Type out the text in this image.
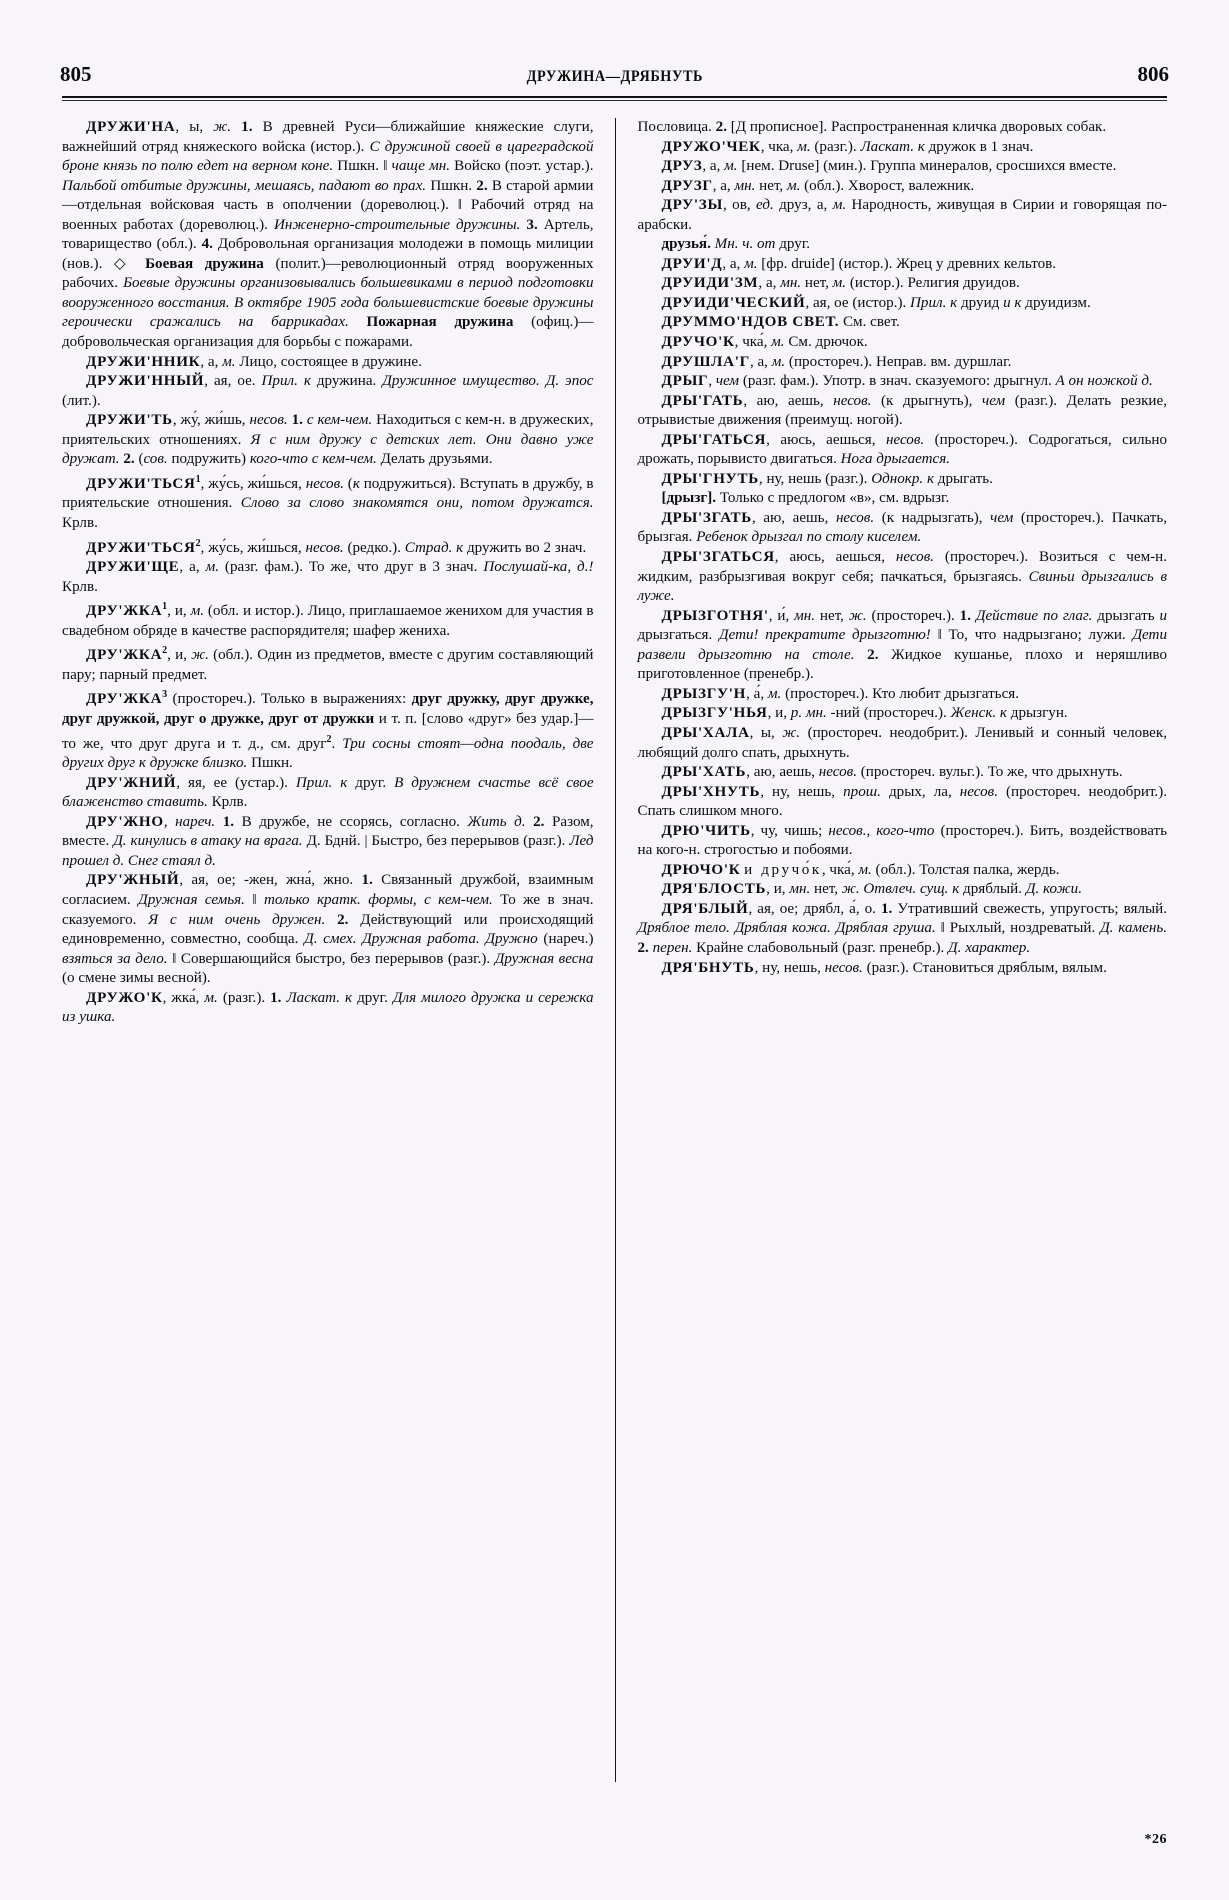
805	ДРУЖИНА—ДРЯБНУТЬ	806

ДРУЖИ'НА, ы, ж. 1. В древней Руси—ближайшие княжеские слуги, важнейший отряд княжеского войска (истор.). С дружиной своей в цареградской броне князь по полю едет на верном коне. Пшкн. ‖ чаще мн. Войско (поэт. устар.). Пальбой отбитые дружины, мешаясь, падают во прах. Пшкн. 2. В старой армии—отдельная войсковая часть в ополчении (дореволюц.). ‖ Рабочий отряд на военных работах (дореволюц.). Инженерно-строительные дружины. 3. Артель, товарищество (обл.). 4. Добровольная организация молодежи в помощь милиции (нов.). ◇ Боевая дружина (полит.)—революционный отряд вооруженных рабочих. Боевые дружины организовывались большевиками в период подготовки вооруженного восстания. В октябре 1905 года большевистские боевые дружины героически сражались на баррикадах. Пожарная дружина (офиц.)—добровольческая организация для борьбы с пожарами.

ДРУЖИ'ННИК, а, м. Лицо, состоящее в дружине.

ДРУЖИ'ННЫЙ, ая, ое. Прил. к дружина. Дружинное имущество. Д. эпос (лит.).

ДРУЖИ'ТЬ, жу́, жи́шь, несов. 1. с кем-чем. Находиться с кем-н. в дружеских, приятельских отношениях. Я с ним дружу с детских лет. Они давно уже дружат. 2. (сов. подружить) кого-что с кем-чем. Делать друзьями.

ДРУЖИ'ТЬСЯ$^1$, жу́сь, жи́шься, несов. (к подружиться). Вступать в дружбу, в приятельские отношения. Слово за слово знакомятся они, потом дружатся. Крлв.

ДРУЖИ'ТЬСЯ$^2$, жу́сь, жи́шься, несов. (редко.). Страд. к дружить во 2 знач.

ДРУЖИ'ЩЕ, а, м. (разг. фам.). То же, что друг в 3 знач. Послушай-ка, д.! Крлв.

ДРУ'ЖКА$^1$, и, м. (обл. и истор.). Лицо, приглашаемое женихом для участия в свадебном обряде в качестве распорядителя; шафер жениха.

ДРУ'ЖКА$^2$, и, ж. (обл.). Один из предметов, вместе с другим составляющий пару; парный предмет.

ДРУ'ЖКА$^3$ (простореч.). Только в выражениях: друг дружку, друг дружке, друг дружкой, друг о дружке, друг от дружки и т. п. [слово «друг» без удар.]—то же, что друг друга и т. д., см. друг$^2$. Три сосны стоят—одна поодаль, две других друг к дружке близко. Пшкн.

ДРУ'ЖНИЙ, яя, ее (устар.). Прил. к друг. В дружнем счастье всё свое блаженство ставить. Крлв.

ДРУ'ЖНО, нареч. 1. В дружбе, не ссорясь, согласно. Жить д. 2. Разом, вместе. Д. кинулись в атаку на врага. Д. Бднй. | Быстро, без перерывов (разг.). Лед прошел д. Снег стаял д.

ДРУ'ЖНЫЙ, ая, ое; -жен, жна́, жно. 1. Связанный дружбой, взаимным согласием. Дружная семья. ‖ только кратк. формы, с кем-чем. То же в знач. сказуемого. Я с ним очень дружен. 2. Действующий или происходящий единовременно, совместно, сообща. Д. смех. Дружная работа. Дружно (нареч.) взяться за дело. ‖ Совершающийся быстро, без перерывов (разг.). Дружная весна (о смене зимы весной).

ДРУЖО'К, жка́, м. (разг.). 1. Ласкат. к друг. Для милого дружка и сережка из ушка.

Пословица. 2. [Д прописное]. Распространенная кличка дворовых собак.

ДРУЖО'ЧЕК, чка, м. (разг.). Ласкат. к дружок в 1 знач.

ДРУЗ, а, м. [нем. Druse] (мин.). Группа минералов, сросшихся вместе.

ДРУЗГ, а, мн. нет, м. (обл.). Хворост, валежник.

ДРУ'ЗЫ, ов, ед. друз, а, м. Народность, живущая в Сирии и говорящая по-арабски.

друзья́. Мн. ч. от друг.

ДРУИ'Д, а, м. [фр. druide] (истор.). Жрец у древних кельтов.

ДРУИДИ'ЗМ, а, мн. нет, м. (истор.). Религия друидов.

ДРУИДИ'ЧЕСКИЙ, ая, ое (истор.). Прил. к друид и к друидизм.

ДРУММО'НДОВ СВЕТ. См. свет.

ДРУЧО'К, чка́, м. См. дрючок.

ДРУШЛА'Г, а, м. (простореч.). Неправ. вм. дуршлаг.

ДРЫГ, чем (разг. фам.). Употр. в знач. сказуемого: дрыгнул. А он ножкой д.

ДРЫ'ГАТЬ, аю, аешь, несов. (к дрыгнуть), чем (разг.). Делать резкие, отрывистые движения (преимущ. ногой).

ДРЫ'ГАТЬСЯ, аюсь, аешься, несов. (простореч.). Содрогаться, сильно дрожать, порывисто двигаться. Нога дрыгается.

ДРЫ'ГНУТЬ, ну, нешь (разг.). Однокр. к дрыгать.

[дрызг]. Только с предлогом «в», см. вдрызг.

ДРЫ'ЗГАТЬ, аю, аешь, несов. (к надрызгать), чем (простореч.). Пачкать, брызгая. Ребенок дрызгал по столу киселем.

ДРЫ'ЗГАТЬСЯ, аюсь, аешься, несов. (простореч.). Возиться с чем-н. жидким, разбрызгивая вокруг себя; пачкаться, брызгаясь. Свиньи дрызгались в луже.

ДРЫЗГОТНЯ', и́, мн. нет, ж. (простореч.). 1. Действие по глаг. дрызгать и дрызгаться. Дети! прекратите дрызготню! ‖ То, что надрызгано; лужи. Дети развели дрызготню на столе. 2. Жидкое кушанье, плохо и неряшливо приготовленное (пренебр.).

ДРЫЗГУ'Н, а́, м. (простореч.). Кто любит дрызгаться.

ДРЫЗГУ'НЬЯ, и, р. мн. -ний (простореч.). Женск. к дрызгун.

ДРЫ'ХАЛА, ы, ж. (простореч. неодобрит.). Ленивый и сонный человек, любящий долго спать, дрыхнуть.

ДРЫ'ХАТЬ, аю, аешь, несов. (простореч. вульг.). То же, что дрыхнуть.

ДРЫ'ХНУТЬ, ну, нешь, прош. дрых, ла, несов. (простореч. неодобрит.). Спать слишком много.

ДРЮ'ЧИТЬ, чу, чишь; несов., кого-что (простореч.). Бить, воздействовать на кого-н. строгостью и побоями.

ДРЮЧО'К и дручо́к, чка́, м. (обл.). Толстая палка, жердь.

ДРЯ'БЛОСТЬ, и, мн. нет, ж. Отвлеч. сущ. к дряблый. Д. кожи.

ДРЯ'БЛЫЙ, ая, ое; дрябл, а́, о. 1. Утративший свежесть, упругость; вялый. Дряблое тело. Дряблая кожа. Дряблая груша. ‖ Рыхлый, ноздреватый. Д. камень. 2. перен. Крайне слабовольный (разг. пренебр.). Д. характер.

ДРЯ'БНУТЬ, ну, нешь, несов. (разг.). Становиться дряблым, вялым.

*26
